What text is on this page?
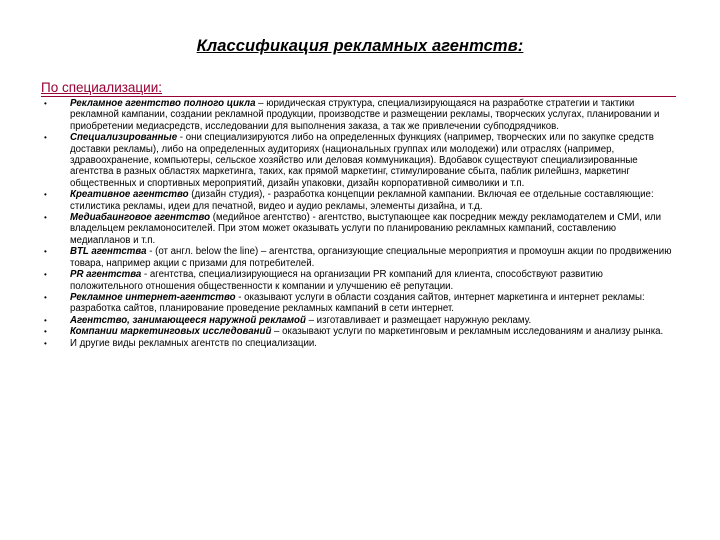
Классификация рекламных агентств:
По специализации:
•	Рекламное агентство полного цикла – юридическая структура, специализирующаяся на разработке стратегии и тактики рекламной кампании, создании рекламной продукции, производстве и размещении рекламы, творческих услугах, планировании и приобретении медиасредств, исследовании для выполнения заказа, а так же привлечении субподрядчиков.
•	Специализированные - они специализируются либо на определенных функциях (например, творческих или по закупке средств доставки рекламы), либо на определенных аудиториях (национальных группах или молодежи) или отраслях (например, здравоохранение, компьютеры, сельское хозяйство или деловая коммуникация). Вдобавок существуют специализированные агентства в разных областях маркетинга, таких, как прямой маркетинг, стимулирование сбыта, паблик рилейшнз, маркетинг общественных и спортивных мероприятий, дизайн упаковки, дизайн корпоративной символики и т.п.
•	Креативное агентство (дизайн студия), - разработка концепции рекламной кампании. Включая ее отдельные составляющие: стилистика рекламы, идеи для печатной, видео и аудио рекламы, элементы дизайна, и т.д.
•	Медиабаинговое агентство (медийное агентство) - агентство, выступающее как посредник между рекламодателем и СМИ, или владельцем рекламоносителей. При этом может оказывать услуги по планированию рекламных кампаний, составлению медиапланов и т.п.
•	BTL агентства - (от англ. below the line) – агентства, организующие специальные мероприятия и промоушн акции по продвижению товара, например акции с призами для потребителей.
•	PR агентства - агентства, специализирующиеся на организации PR компаний для клиента, способствуют развитию положительного отношения общественности к компании и улучшению её репутации.
•	Рекламное интернет-агентство - оказывают услуги в области создания сайтов, интернет маркетинга и интернет рекламы: разработка сайтов, планирование проведение рекламных кампаний в сети интернет.
•	Агентство, занимающееся наружной рекламой – изготавливает и размещает наружную рекламу.
•	Компании маркетинговых исследований – оказывают услуги по маркетинговым и рекламным исследованиям и анализу рынка.
•	И другие виды рекламных агентств по специализации.
